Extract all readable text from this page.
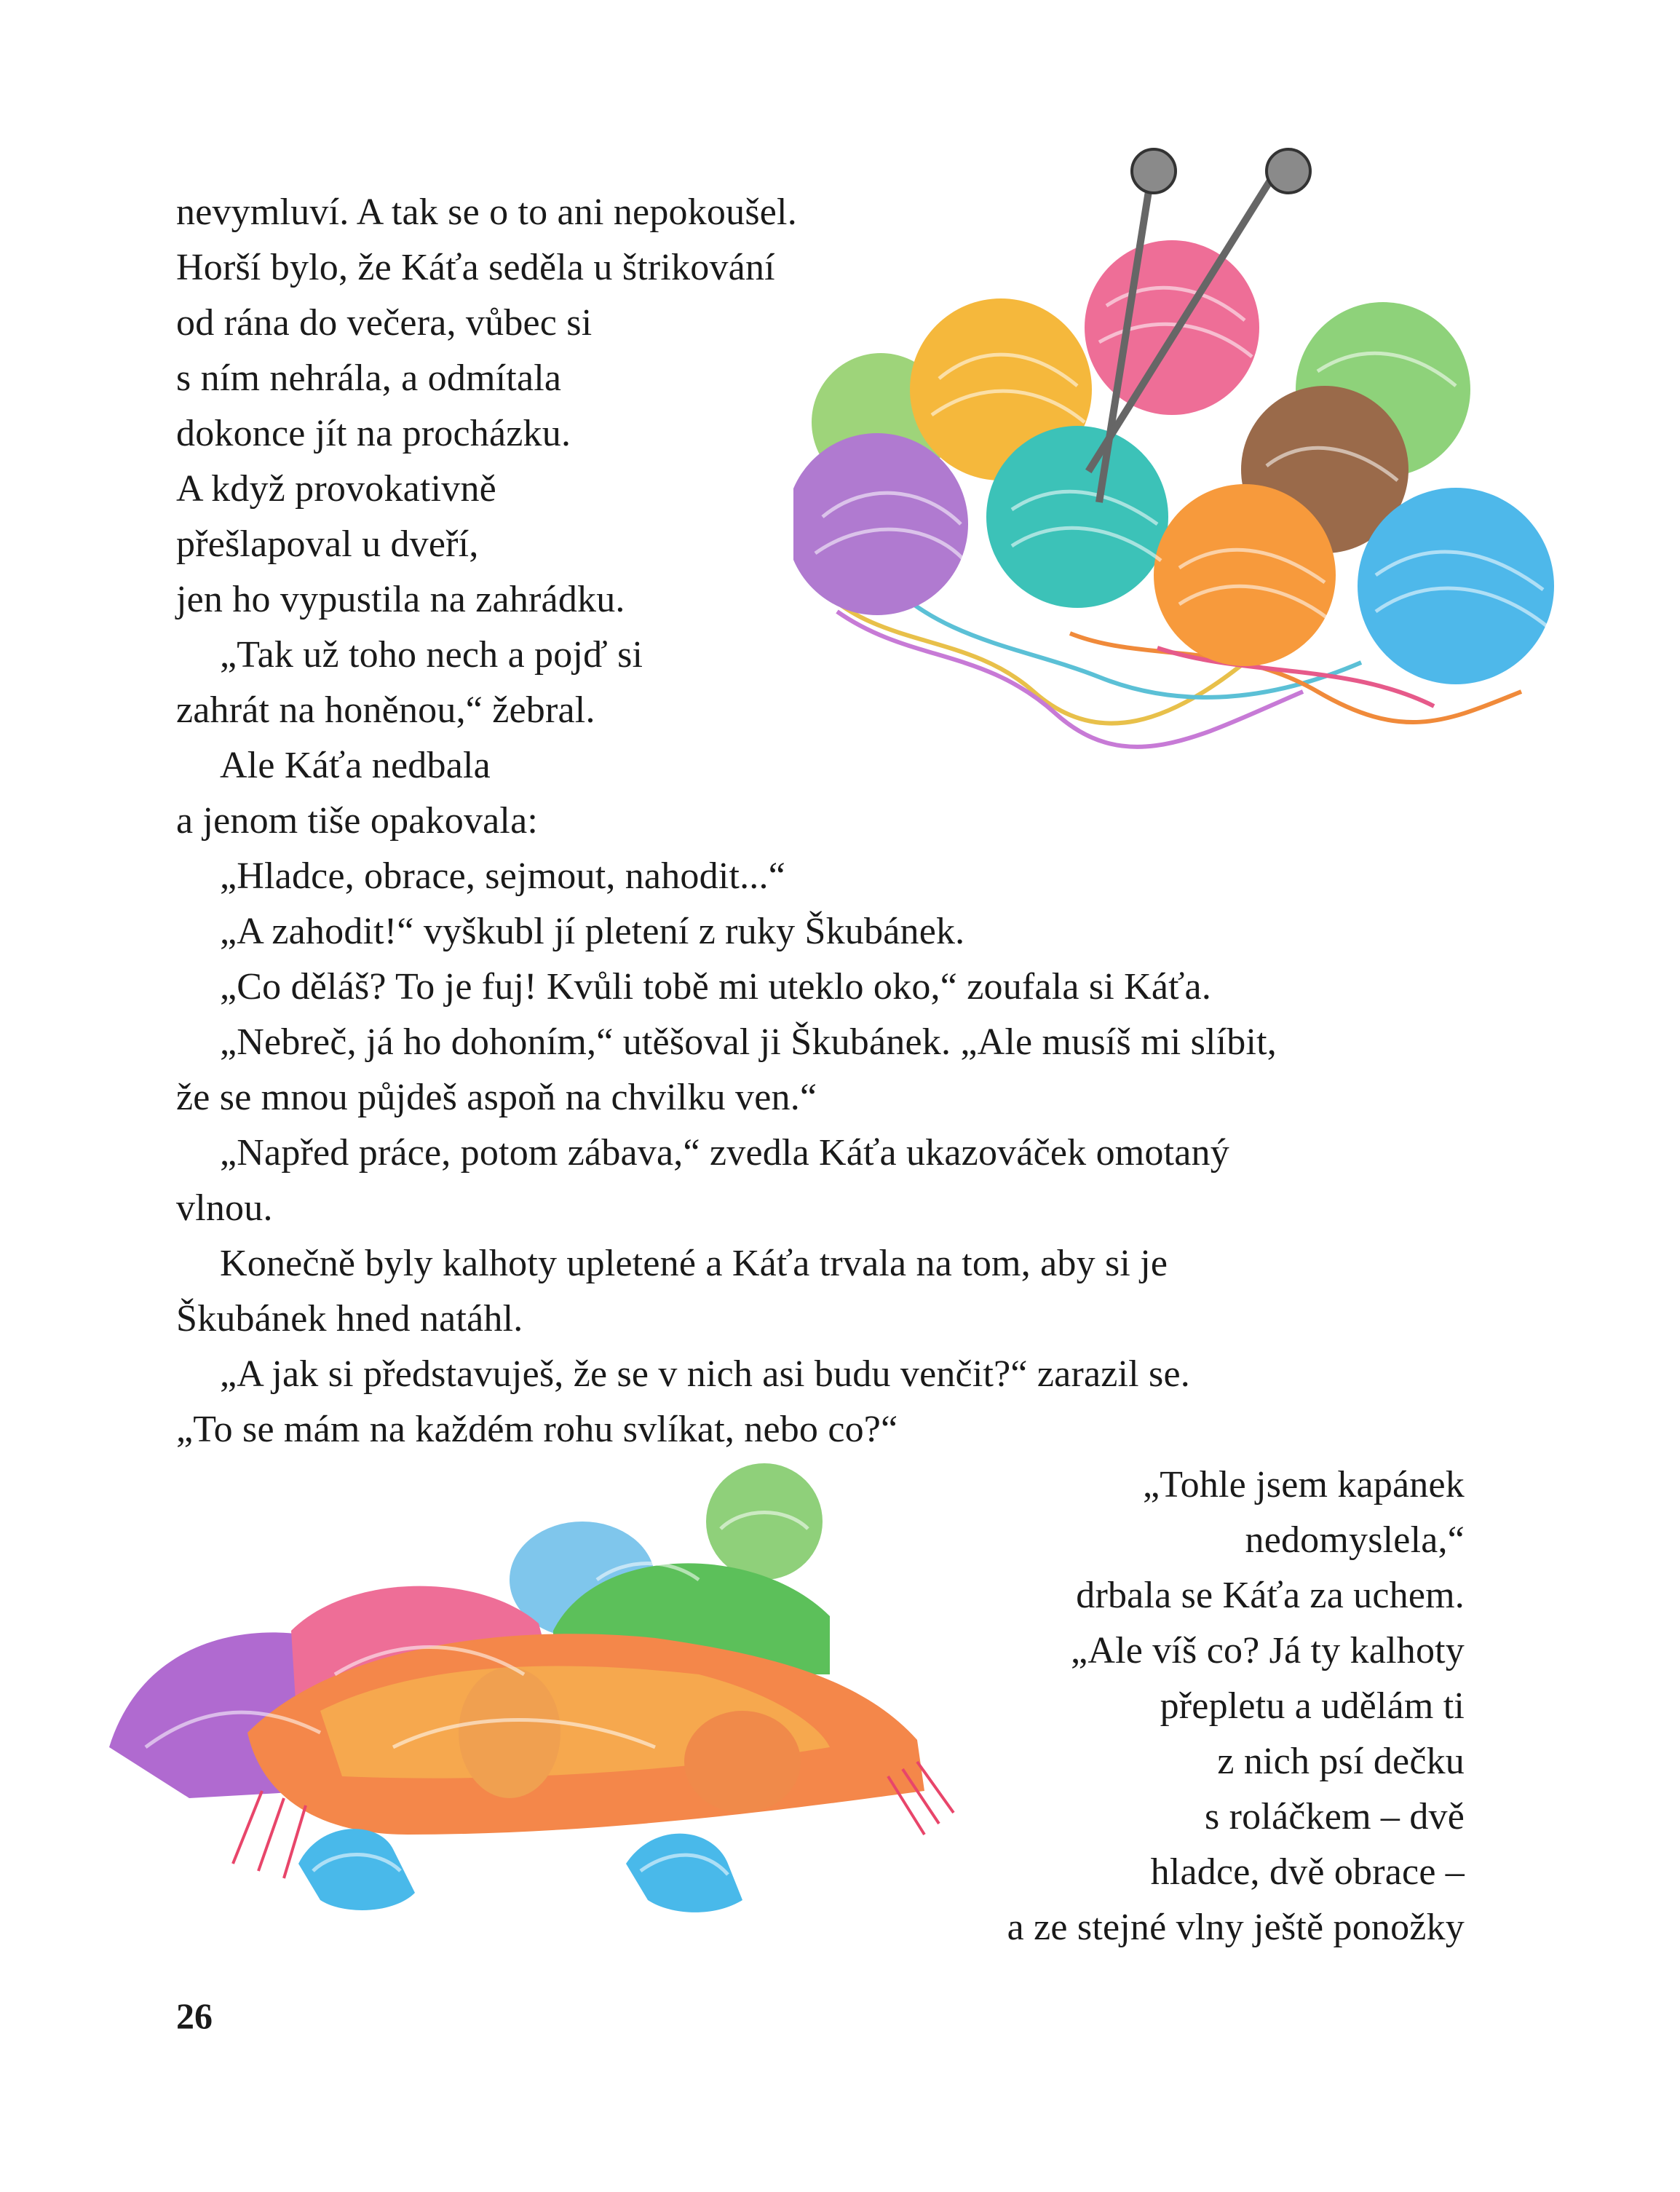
nevymluví. A tak se o to ani nepokoušel.
Horší bylo, že Káťa seděla u štrikování
od rána do večera, vůbec si
s ním nehrála, a odmítala
dokonce jít na procházku.
A když provokativně
přešlapoval u dveří,
jen ho vypustila na zahrádku.
„Tak už toho nech a pojď si
zahrát na honěnou,“ žebral.
Ale Káťa nedbala
a jenom tiše opakovala:
„Hladce, obrace, sejmout, nahodit...“
„A zahodit!“ vyškubl jí pletení z ruky Škubánek.
„Co děláš? To je fuj! Kvůli tobě mi uteklo oko,“ zoufala si Káťa.
„Nebreč, já ho dohoním,“ utěšoval ji Škubánek. „Ale musíš mi slíbit,
že se mnou půjdeš aspoň na chvilku ven.“
„Napřed práce, potom zábava,“ zvedla Káťa ukazováček omotaný
vlnou.
Konečně byly kalhoty upletené a Káťa trvala na tom, aby si je
Škubánek hned natáhl.
„A jak si představuješ, že se v nich asi budu venčit?“ zarazil se.
„To se mám na každém rohu svlíkat, nebo co?“
„Tohle jsem kapánek
nedomyslela,“
drbala se Káťa za uchem.
„Ale víš co? Já ty kalhoty
přepletu a udělám ti
z nich psí dečku
s roláčkem – dvě
hladce, dvě obrace –
a ze stejné vlny ještě ponožky
26
